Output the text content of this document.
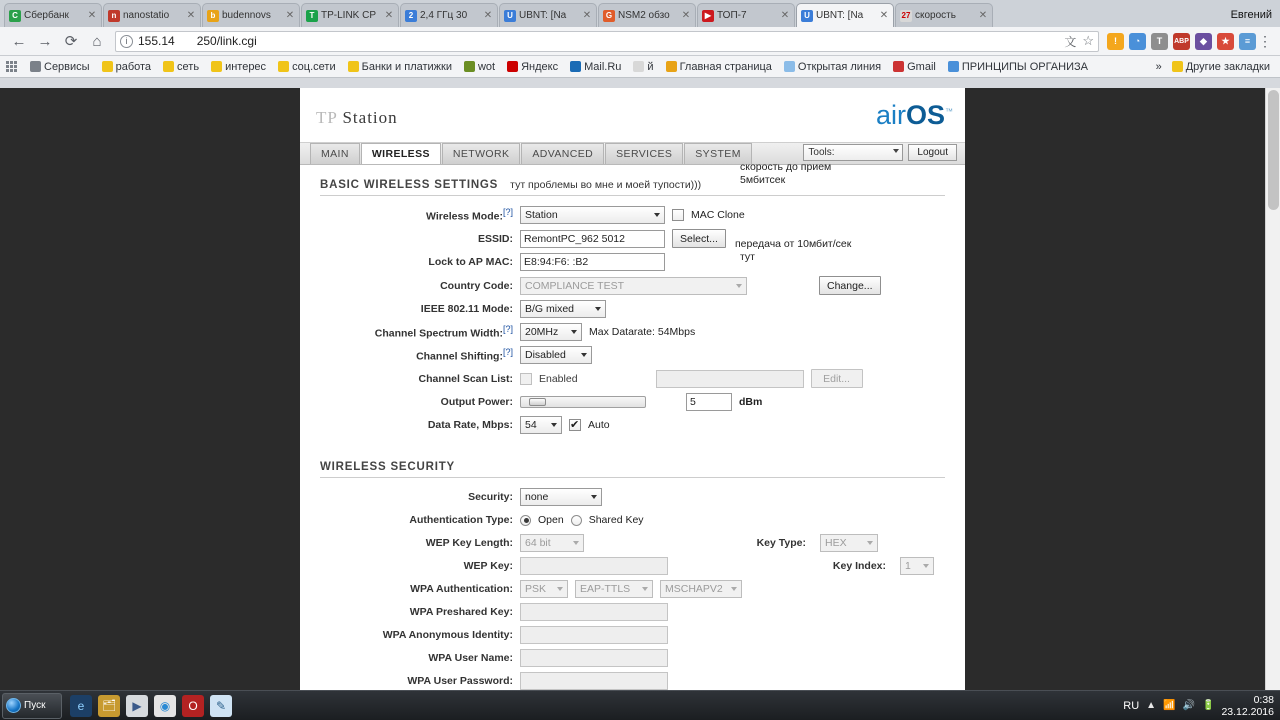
С Сбербанк	✕	n nanostatio	✕	b budennovs	✕	T TP-LINK CP ✕	2 2,4 ГГц 30	✕	U UBNT: [Na	✕	G NSM2 обзо	✕	▶ ТОП-7	✕	U UBNT: [Na	✕ 27 скорость	✕	Евгений
← → ⟳	⌂	i 155.14 250/link.cgi	文 ☆	!	◔	T	ABP	◆	★	≡ ⋮
Сервисы работа сеть интерес соц.сети Банки и платижки wot Яндекс Mail.Ru й Главная страница Открытая линия Gmail ПРИНЦИПЫ ОРГАНИЗА	» Другие закладки
TP Station	airOS™
MAIN	WIRELESS	NETWORK	ADVANCED	SERVICES	SYSTEM	Tools:	Logout
BASIC WIRELESS SETTINGS тут проблемы во мне и моей тупости)))
скорость до прием
5мбитсек
передача от 10мбит/сек
тут
Wireless Mode:[?]	Station	MAC Clone
ESSID:	RemontPC_962 5012	Select...
Lock to AP MAC:	E8:94:F6: :B2
Country Code:	COMPLIANCE TEST	Change...
IEEE 802.11 Mode:	B/G mixed
Channel Spectrum Width:[?]	20MHz	Max Datarate: 54Mbps
Channel Shifting:[?]	Disabled
Channel Scan List:	Enabled	Edit...
Output Power:	5	dBm
Data Rate, Mbps:	54 ✔	Auto
WIRELESS SECURITY
Security:	none
Authentication Type:	Open Shared Key
WEP Key Length:	64 bit	Key Type:	HEX
WEP Key:	Key Index:	1
WPA Authentication:	PSK	EAP-TTLS	MSCHAPV2
WPA Preshared Key:
WPA Anonymous Identity:
WPA User Name:
WPA User Password:
Пуск	e	🗂	▶	◉	O	✎	RU ▲ 📶 🔊 🔋	0:38
23.12.2016
